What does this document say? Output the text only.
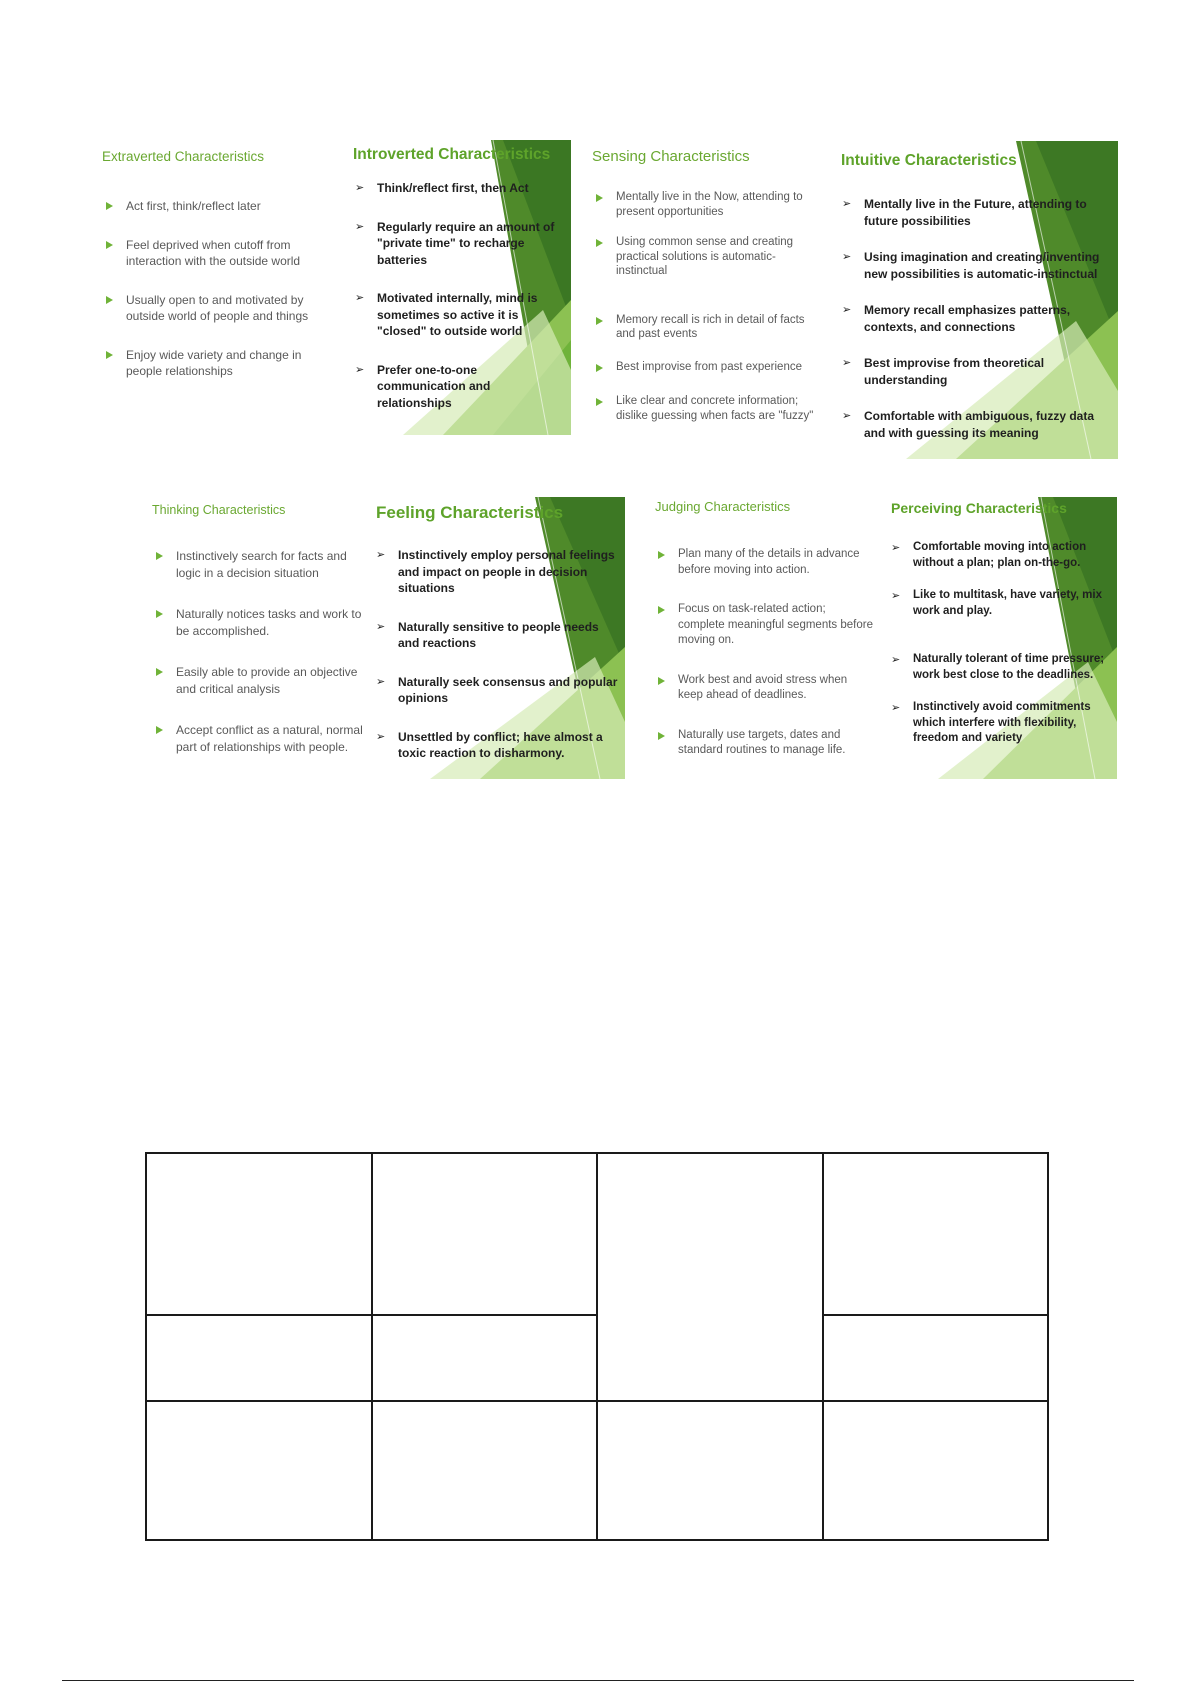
Extraverted Characteristics
Act first, think/reflect later
Feel deprived when cutoff from interaction with the outside world
Usually open to and motivated by outside world of people and things
Enjoy wide variety and change in people relationships
Introverted Characteristics
➢ Think/reflect first, then Act
➢ Regularly require an amount of "private time" to recharge batteries
➢ Motivated internally, mind is sometimes so active it is "closed" to outside world
➢ Prefer one-to-one communication and relationships
Sensing Characteristics
Mentally live in the Now, attending to present opportunities
Using common sense and creating practical solutions is automatic-instinctual
Memory recall is rich in detail of facts and past events
Best improvise from past experience
Like clear and concrete information; dislike guessing when facts are "fuzzy"
Intuitive Characteristics
➢ Mentally live in the Future, attending to future possibilities
➢ Using imagination and creating/inventing new possibilities is automatic-instinctual
➢ Memory recall emphasizes patterns, contexts, and connections
➢ Best improvise from theoretical understanding
➢ Comfortable with ambiguous, fuzzy data and with guessing its meaning
Thinking Characteristics
Instinctively search for facts and logic in a decision situation
Naturally notices tasks and work to be accomplished.
Easily able to provide an objective and critical analysis
Accept conflict as a natural, normal part of relationships with people.
Feeling Characteristics
➢ Instinctively employ personal feelings and impact on people in decision situations
➢ Naturally sensitive to people needs and reactions
➢ Naturally seek consensus and popular opinions
➢ Unsettled by conflict; have almost a toxic reaction to disharmony.
Judging Characteristics
Plan many of the details in advance before moving into action.
Focus on task-related action; complete meaningful segments before moving on.
Work best and avoid stress when keep ahead of deadlines.
Naturally use targets, dates and standard routines to manage life.
Perceiving Characteristics
➢ Comfortable moving into action without a plan; plan on-the-go.
➢ Like to multitask, have variety, mix work and play.
➢ Naturally tolerant of time pressure; work best close to the deadlines.
➢ Instinctively avoid commitments which interfere with flexibility, freedom and variety
